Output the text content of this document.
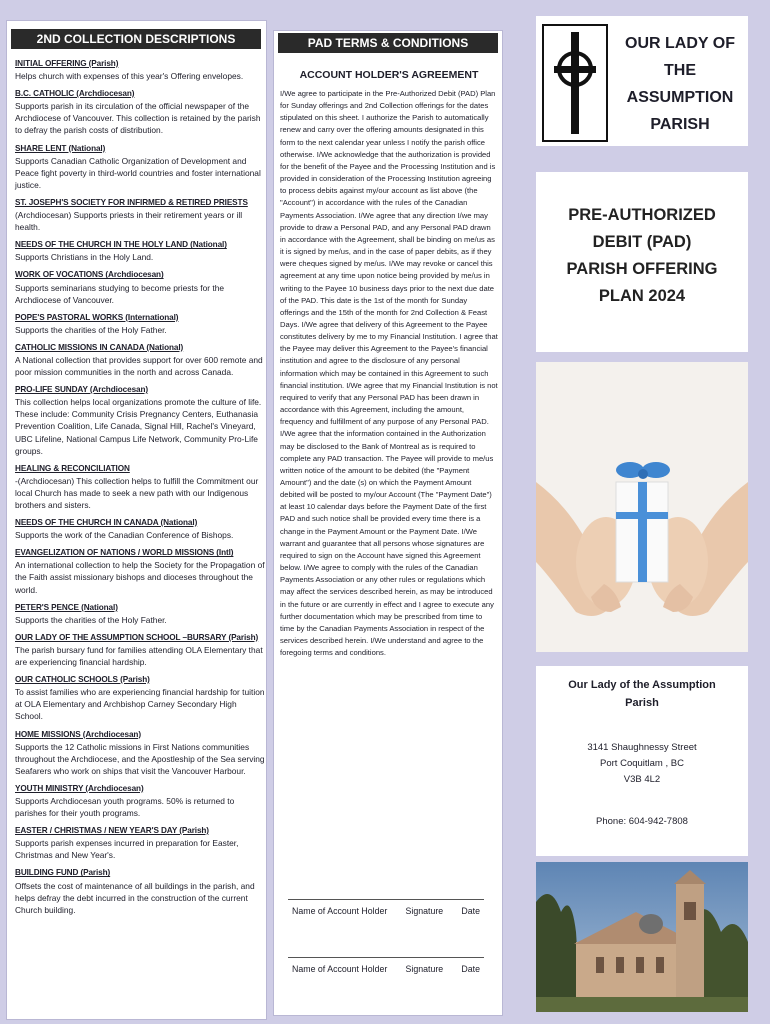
2ND COLLECTION DESCRIPTIONS
INITIAL OFFERING (Parish)
Helps church with expenses of this year's Offering envelopes.
B.C. CATHOLIC (Archdiocesan)
Supports parish in its circulation of the official newspaper of the Archdiocese of Vancouver. This collection is retained by the parish to defray the parish costs of distribution.
SHARE LENT (National)
Supports Canadian Catholic Organization of Development and Peace fight poverty in third-world countries and foster international justice.
ST. JOSEPH'S SOCIETY FOR INFIRMED & RETIRED PRIESTS
(Archdiocesan) Supports priests in their retirement years or ill health.
NEEDS OF THE CHURCH IN THE HOLY LAND (National)
Supports Christians in the Holy Land.
WORK OF VOCATIONS (Archdiocesan)
Supports seminarians studying to become priests for the Archdiocese of Vancouver.
POPE'S PASTORAL WORKS (International)
Supports the charities of the Holy Father.
CATHOLIC MISSIONS IN CANADA (National)
A National collection that provides support for over 600 remote and poor mission communities in the north and across Canada.
PRO-LIFE SUNDAY (Archdiocesan)
This collection helps local organizations promote the culture of life. These include: Community Crisis Pregnancy Centers, Euthanasia Prevention Coalition, Life Canada, Signal Hill, Rachel's Vineyard, UBC Lifeline, National Campus Life Network, Community Pro-Life groups.
HEALING & RECONCILIATION
-(Archdiocesan) This collection helps to fulfill the Commitment our local Church has made to seek a new path with our Indigenous brothers and sisters.
NEEDS OF THE CHURCH IN CANADA (National)
Supports the work of the Canadian Conference of Bishops.
EVANGELIZATION OF NATIONS / WORLD MISSIONS (Intl)
An international collection to help the Society for the Propagation of the Faith assist missionary bishops and dioceses throughout the world.
PETER'S PENCE (National)
Supports the charities of the Holy Father.
OUR LADY OF THE ASSUMPTION SCHOOL –BURSARY (Parish)
The parish bursary fund for families attending OLA Elementary that are experiencing financial hardship.
OUR CATHOLIC SCHOOLS (Parish)
To assist families who are experiencing financial hardship for tuition at OLA Elementary and Archbishop Carney Secondary High School.
HOME MISSIONS (Archdiocesan)
Supports the 12 Catholic missions in First Nations communities throughout the Archdiocese, and the Apostleship of the Sea serving Seafarers who work on ships that visit the Vancouver Harbour.
YOUTH MINISTRY (Archdiocesan)
Supports Archdiocesan youth programs. 50% is returned to parishes for their youth programs.
EASTER / CHRISTMAS / NEW YEAR'S DAY (Parish)
Supports parish expenses incurred in preparation for Easter, Christmas and New Year's.
BUILDING FUND (Parish)
Offsets the cost of maintenance of all buildings in the parish, and helps defray the debt incurred in the construction of the current Church building.
PAD TERMS & CONDITIONS
ACCOUNT HOLDER'S AGREEMENT

I/We agree to participate in the Pre-Authorized Debit (PAD) Plan for Sunday offerings and 2nd Collection offerings for the dates stipulated on this sheet. I authorize the Parish to automatically renew and carry over the offering amounts designated in this form to the next calendar year unless I notify the parish office otherwise. I/We acknowledge that the authorization is provided for the benefit of the Payee and the Processing Institution and is provided in consideration of the Processing Institution agreeing to process debits against my/our account as list above (the "Account") in accordance with the rules of the Canadian Payments Association. I/We agree that any direction I/we may provide to draw a Personal PAD, and any Personal PAD drawn in accordance with the Agreement, shall be binding on me/us as it is signed by me/us, and in the case of paper debits, as if they were cheques signed by me/us. I/We may revoke or cancel this agreement at any time upon notice being provided by me/us in writing to the Payee 10 business days prior to the next due date of the PAD. This date is the 1st of the month for Sunday offerings and the 15th of the month for 2nd Collection & Feast Days. I/We agree that delivery of this Agreement to the Payee constitutes delivery by me to my Financial Institution. I agree that the Payee may deliver this Agreement to the Payee's financial institution and agree to the disclosure of any personal information which may be contained in this Agreement to such financial institution. I/We agree that my Financial Institution is not required to verify that any Personal PAD has been drawn in accordance with this Agreement, including the amount, frequency and fulfillment of any purpose of any Personal PAD. I/We agree that the information contained in the Authorization may be disclosed to the Bank of Montreal as is required to complete any PAD transaction. The Payee will provide to me/us written notice of the amount to be debited (the "Payment Amount") and the date (s) on which the Payment Amount debited will be posted to my/our Account (The "Payment Date") at least 10 calendar days before the Payment Date of the first PAD and such notice shall be provided every time there is a change in the Payment Amount or the Payment Date. I/We warrant and guarantee that all persons whose signatures are required to sign on the Account have signed this Agreement below. I/We agree to comply with the rules of the Canadian Payments Association or any other rules or regulations which may affect the services described herein, as may be introduced in the future or are currently in effect and I agree to execute any further documentation which may be prescribed from time to time by the Canadian Payments Association in respect of the services described herein. I/We understand and agree to the foregoing terms and conditions.

Name of Account Holder Signature Date
Name of Account Holder Signature Date
OUR LADY OF
THE
ASSUMPTION
PARISH
PRE-AUTHORIZED
DEBIT (PAD)
PARISH OFFERING
PLAN 2024
Our Lady of the Assumption
Parish
3141 Shaughnessy Street
Port Coquitlam , BC
V3B 4L2
Phone: 604-942-7808
